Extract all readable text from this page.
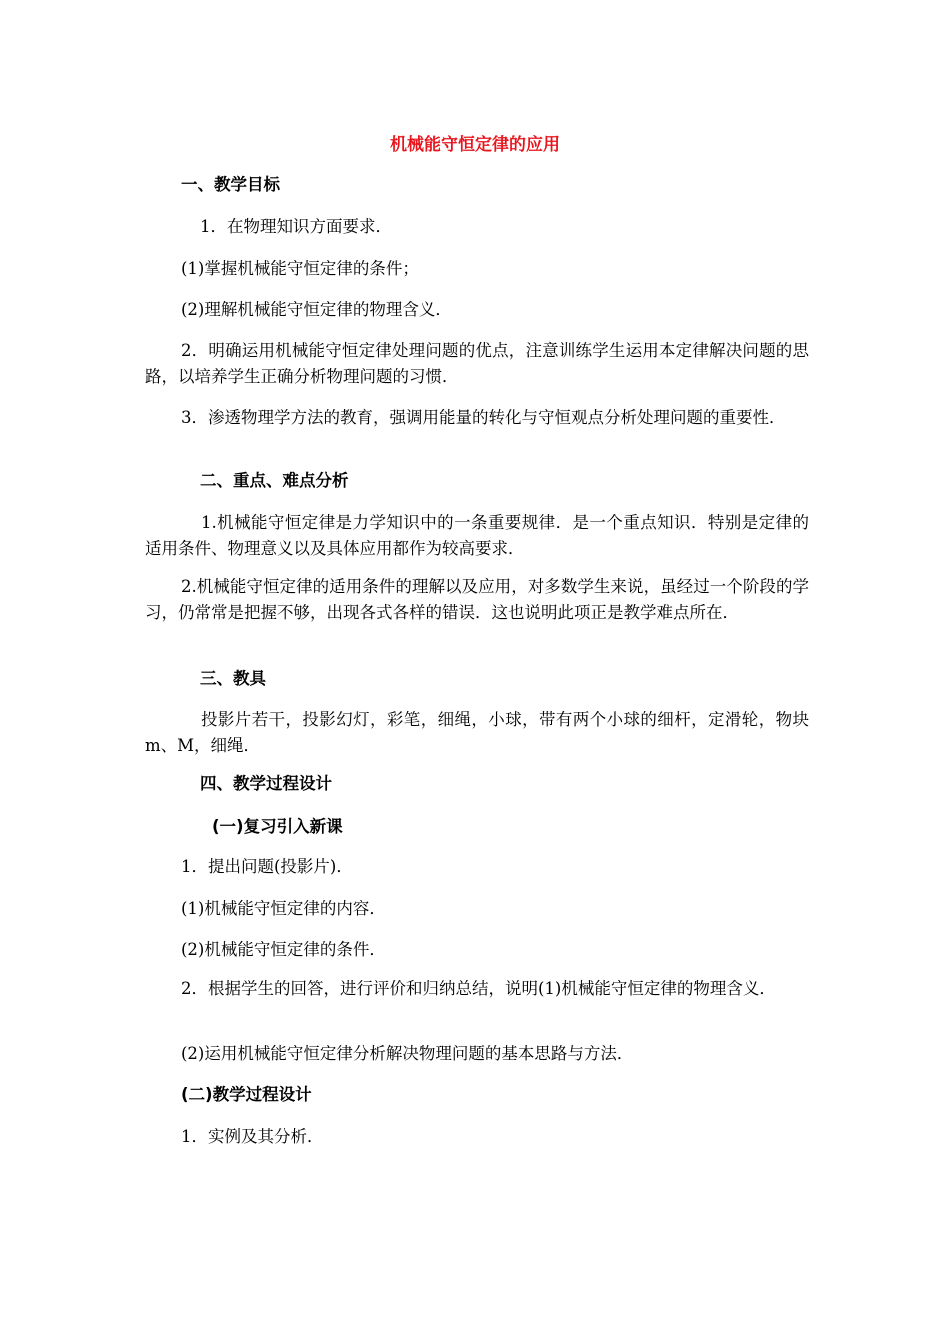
机械能守恒定律的应用
一、教学目标
1．在物理知识方面要求．
(1)掌握机械能守恒定律的条件；
(2)理解机械能守恒定律的物理含义．
2．明确运用机械能守恒定律处理问题的优点，注意训练学生运用本定律解决问题的思路，以培养学生正确分析物理问题的习惯．
3．渗透物理学方法的教育，强调用能量的转化与守恒观点分析处理问题的重要性．
二、重点、难点分析
1.机械能守恒定律是力学知识中的一条重要规律．是一个重点知识．特别是定律的适用条件、物理意义以及具体应用都作为较高要求．
2.机械能守恒定律的适用条件的理解以及应用，对多数学生来说，虽经过一个阶段的学习，仍常常是把握不够，出现各式各样的错误．这也说明此项正是教学难点所在．
三、教具
投影片若干，投影幻灯，彩笔，细绳，小球，带有两个小球的细杆，定滑轮，物块m、M，细绳．
四、教学过程设计
(一)复习引入新课
1．提出问题(投影片)．
(1)机械能守恒定律的内容．
(2)机械能守恒定律的条件．
2．根据学生的回答，进行评价和归纳总结，说明(1)机械能守恒定律的物理含义．
(2)运用机械能守恒定律分析解决物理问题的基本思路与方法．
(二)教学过程设计
1．实例及其分析．
